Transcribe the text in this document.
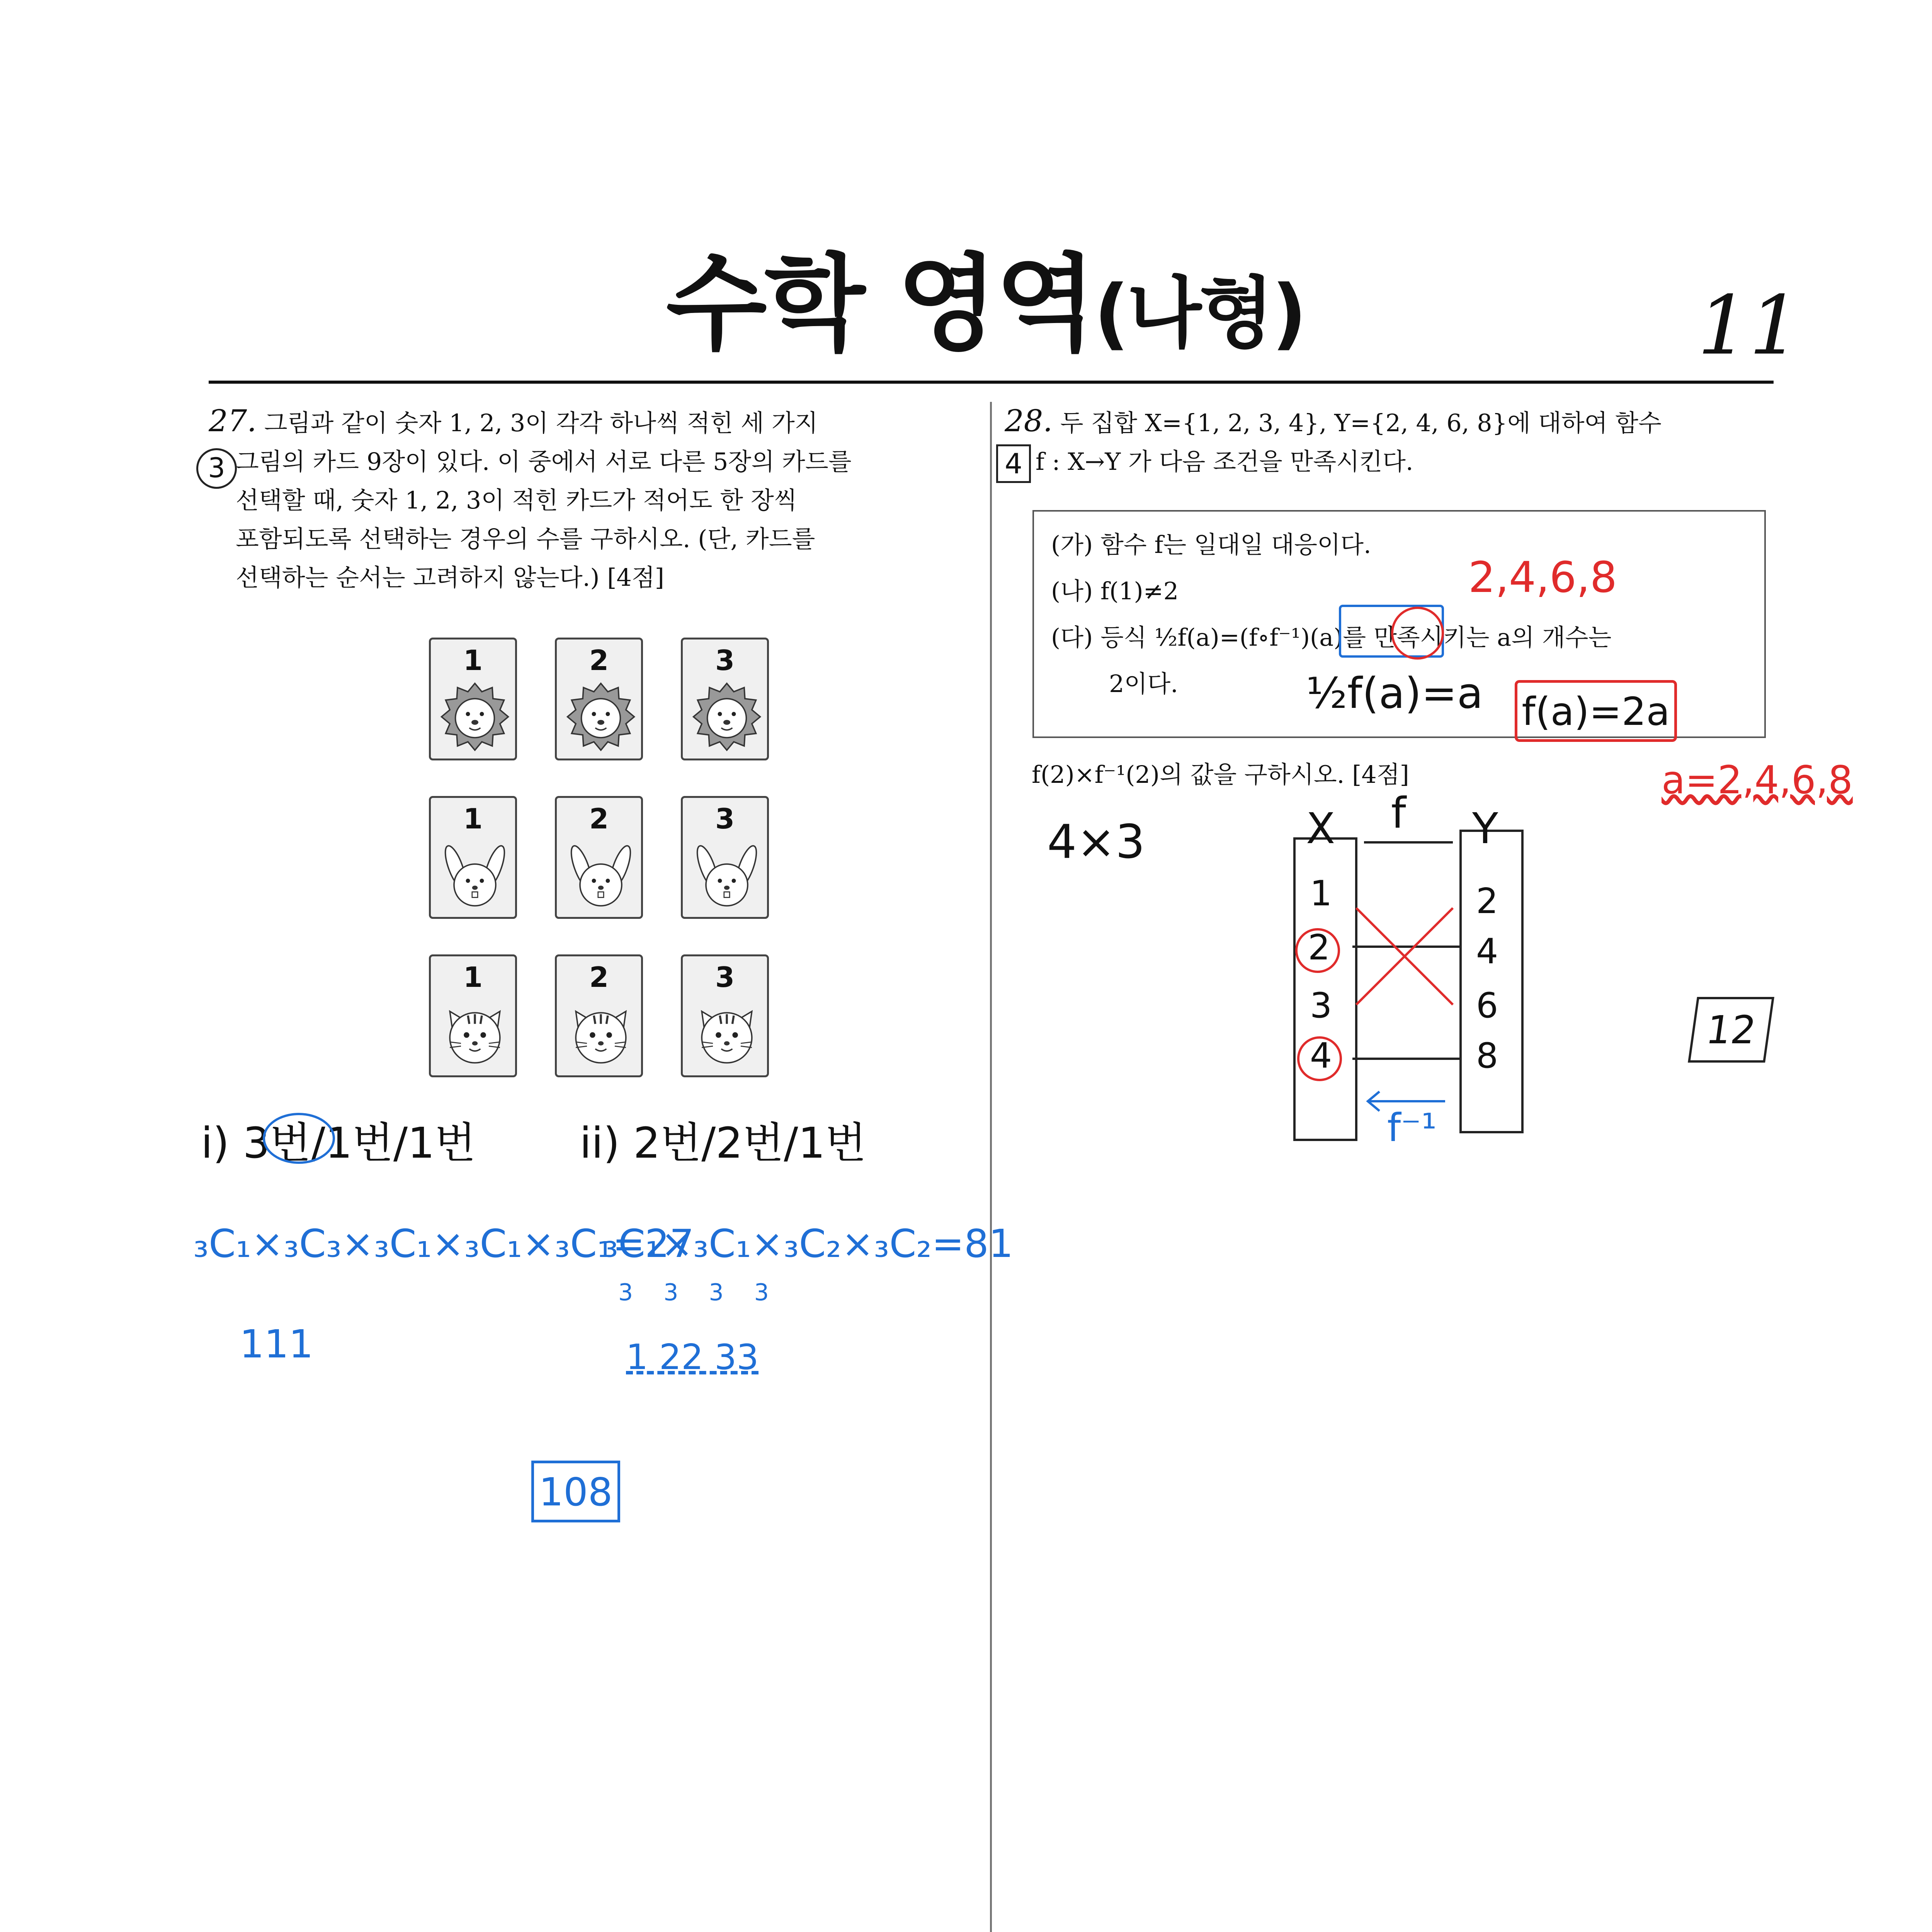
수학 영역(나형)	11
27. 그림과 같이 숫자 1, 2, 3이 각각 하나씩 적힌 세 가지
그림의 카드 9장이 있다. 이 중에서 서로 다른 5장의 카드를
선택할 때, 숫자 1, 2, 3이 적힌 카드가 적어도 한 장씩
포함되도록 선택하는 경우의 수를 구하시오. (단, 카드를
선택하는 순서는 고려하지 않는다.) [4점]
3
1	2	3
1	2	3
1	2	3
i) 3번/1번/1번 ii) 2번/2번/1번
₃C₁×₃C₃×₃C₁×₃C₁×₃C₁=27
₃C₁×₃C₁×₃C₂×₃C₂=81
3 3 3 3
111	1 22 33
108
28. 두 집합 X={1, 2, 3, 4}, Y={2, 4, 6, 8}에 대하여 함수
f : X→Y 가 다음 조건을 만족시킨다.
4
(가) 함수 f는 일대일 대응이다.
(나) f(1)≠2
(다) 등식 ½f(a)=(f∘f⁻¹)(a)를 만족시키는 a의 개수는
2이다.
2,4,6,8
½f(a)=a f(a)=2a
f(2)×f⁻¹(2)의 값을 구하시오. [4점]	a=2,4,6,8
4×3	X f Y
1
2
3
4
2
4
6
8
f⁻¹
12
